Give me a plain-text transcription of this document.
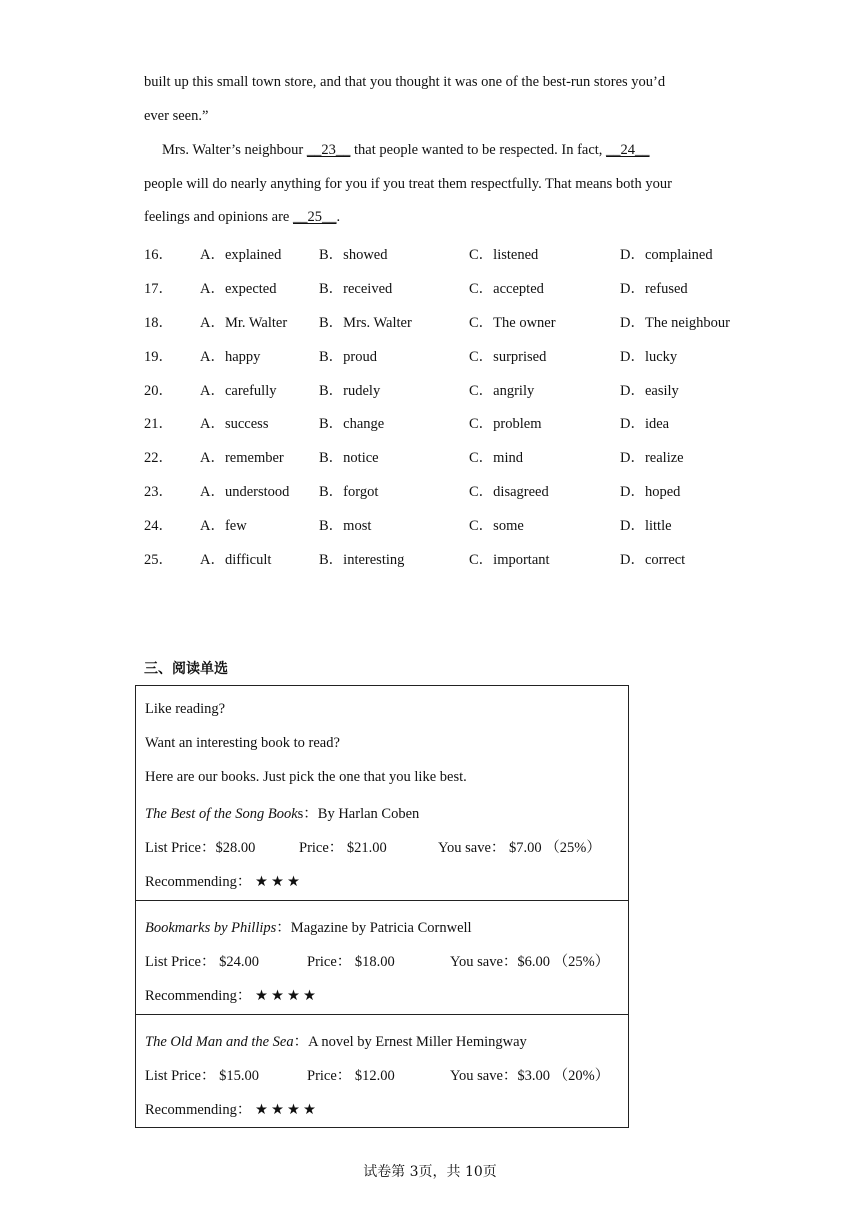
built up this small town store, and that you thought it was one of the best-run stores you’d
ever seen.”
Mrs. Walter’s neighbour __23__ that people wanted to be respected. In fact, __24__
people will do nearly anything for you if you treat them respectfully. That means both your
feelings and opinions are __25__.
16． A．explained	B．showed	C．listened	D．complained
17． A．expected	B．received	C．accepted	D．refused
18． A．Mr. Walter B．Mrs. Walter	C．The owner	D．The neighbour
19． A．happy	B．proud	C．surprised	D．lucky
20． A．carefully	B．rudely	C．angrily	D．easily
21． A．success	B．change	C．problem	D．idea
22． A．remember B．notice	C．mind	D．realize
23． A．understood B．forgot	C．disagreed	D．hoped
24． A．few	B．most	C．some	D．little
25． A．difficult	B．interesting	C．important	D．correct
三、阅读单选
Like reading?
Want an interesting book to read?
Here are our books. Just pick the one that you like best.
The Best of the Song Books：By Harlan Coben
List Price：$28.00	Price： $21.00	You save： $7.00 （25%）
Recommending： ★★★
Bookmarks by Phillips：Magazine by Patricia Cornwell
List Price： $24.00	Price： $18.00	You save：$6.00 （25%）
Recommending： ★★★★
The Old Man and the Sea：A novel by Ernest Miller Hemingway
List Price： $15.00	Price： $12.00	You save：$3.00 （20%）
Recommending： ★★★★
试卷第 3页，共 10页
